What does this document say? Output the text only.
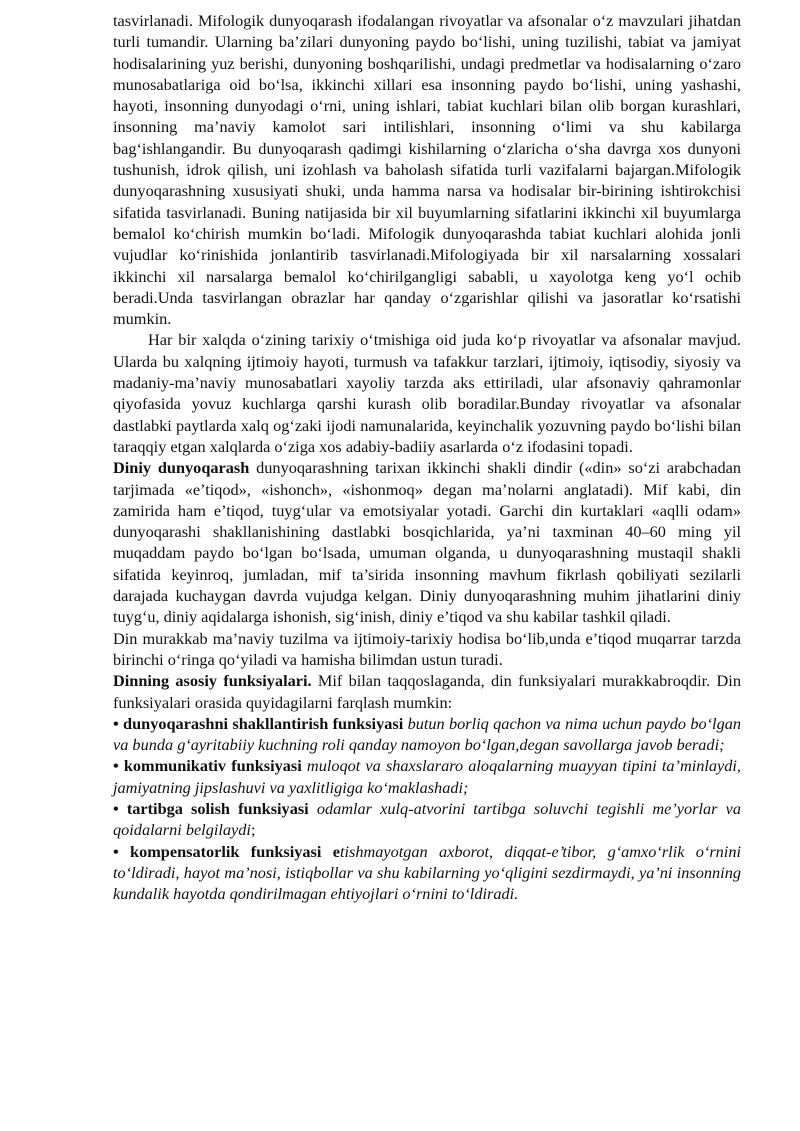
tasvirlanadi. Mifologik dunyoqarash ifodalangan rivoyatlar va afsonalar o‘z mavzulari jihatdan turli tumandir. Ularning ba’zilari dunyoning paydo bo‘lishi, uning tuzilishi, tabiat va jamiyat hodisalarining yuz berishi, dunyoning boshqarilishi, undagi predmetlar va hodisalarning o‘zaro munosabatlariga oid bo‘lsa, ikkinchi xillari esa insonning paydo bo‘lishi, uning yashashi, hayoti, insonning dunyodagi o‘rni, uning ishlari, tabiat kuchlari bilan olib borgan kurashlari, insonning ma’naviy kamolot sari intilishlari, insonning o‘limi va shu kabilarga bag‘ishlangandir. Bu dunyoqarash qadimgi kishilarning o‘zlaricha o‘sha davrga xos dunyoni tushunish, idrok qilish, uni izohlash va baholash sifatida turli vazifalarni bajargan.Mifologik dunyoqarashning xususiyati shuki, unda hamma narsa va hodisalar bir-birining ishtirokchisi sifatida tasvirlanadi. Buning natijasida bir xil buyumlarning sifatlarini ikkinchi xil buyumlarga bemalol ko‘chirish mumkin bo‘ladi. Mifologik dunyoqarashda tabiat kuchlari alohida jonli vujudlar ko‘rinishida jonlantirib tasvirlanadi.Mifologiyada bir xil narsalarning xossalari ikkinchi xil narsalarga bemalol ko‘chirilgangligi sababli, u xayolotga keng yo‘l ochib beradi.Unda tasvirlangan obrazlar har qanday o‘zgarishlar qilishi va jasoratlar ko‘rsatishi mumkin.

Har bir xalqda o‘zining tarixiy o‘tmishiga oid juda ko‘p rivoyatlar va afsonalar mavjud. Ularda bu xalqning ijtimoiy hayoti, turmush va tafakkur tarzlari, ijtimoiy, iqtisodiy, siyosiy va madaniy-ma’naviy munosabatlari xayoliy tarzda aks ettiriladi, ular afsonaviy qahramonlar qiyofasida yovuz kuchlarga qarshi kurash olib boradilar.Bunday rivoyatlar va afsonalar dastlabki paytlarda xalq og‘zaki ijodi namunalarida, keyinchalik yozuvning paydo bo‘lishi bilan taraqqiy etgan xalqlarda o‘ziga xos adabiy-badiiy asarlarda o‘z ifodasini topadi.

Diniy dunyoqarash dunyoqarashning tarixan ikkinchi shakli dindir («din» so‘zi arabchadan tarjimada «e’tiqod», «ishonch», «ishonmoq» degan ma’nolarni anglatadi). Mif kabi, din zamirida ham e’tiqod, tuyg‘ular va emotsiyalar yotadi. Garchi din kurtaklari «aqlli odam» dunyoqarashi shakllanishining dastlabki bosqichlarida, ya’ni taxminan 40–60 ming yil muqaddam paydo bo‘lgan bo‘lsada, umuman olganda, u dunyoqarashning mustaqil shakli sifatida keyinroq, jumladan, mif ta’sirida insonning mavhum fikrlash qobiliyati sezilarli darajada kuchaygan davrda vujudga kelgan. Diniy dunyoqarashning muhim jihatlarini diniy tuyg‘u, diniy aqidalarga ishonish, sig‘inish, diniy e’tiqod va shu kabilar tashkil qiladi.

Din murakkab ma’naviy tuzilma va ijtimoiy-tarixiy hodisa bo‘lib,unda e’tiqod muqarrar tarzda birinchi o‘ringa qo‘yiladi va hamisha bilimdan ustun turadi.

Dinning asosiy funksiyalari. Mif bilan taqqoslaganda, din funksiyalari murakkabroqdir. Din funksiyalari orasida quyidagilarni farqlash mumkin:

• dunyoqarashni shakllantirish funksiyasi butun borliq qachon va nima uchun paydo bo‘lgan va bunda g‘ayritabiiy kuchning roli qanday namoyon bo‘lgan,degan savollarga javob beradi;

• kommunikativ funksiyasi muloqot va shaxslararo aloqalarning muayyan tipini ta’minlaydi, jamiyatning jipslashuvi va yaxlitligiga ko‘maklashadi;

• tartibga solish funksiyasi odamlar xulq-atvorini tartibga soluvchi tegishli me’yorlar va qoidalarni belgilaydi;

• kompensatorlik funksiyasi etishmayotgan axborot, diqqat-e’tibor, g‘amxo‘rlik o‘rnini to‘ldiradi, hayot ma’nosi, istiqbollar va shu kabilarning yo‘qligini sezdirmaydi, ya’ni insonning kundalik hayotda qondirilmagan ehtiyojlari o‘rnini to‘ldiradi.
